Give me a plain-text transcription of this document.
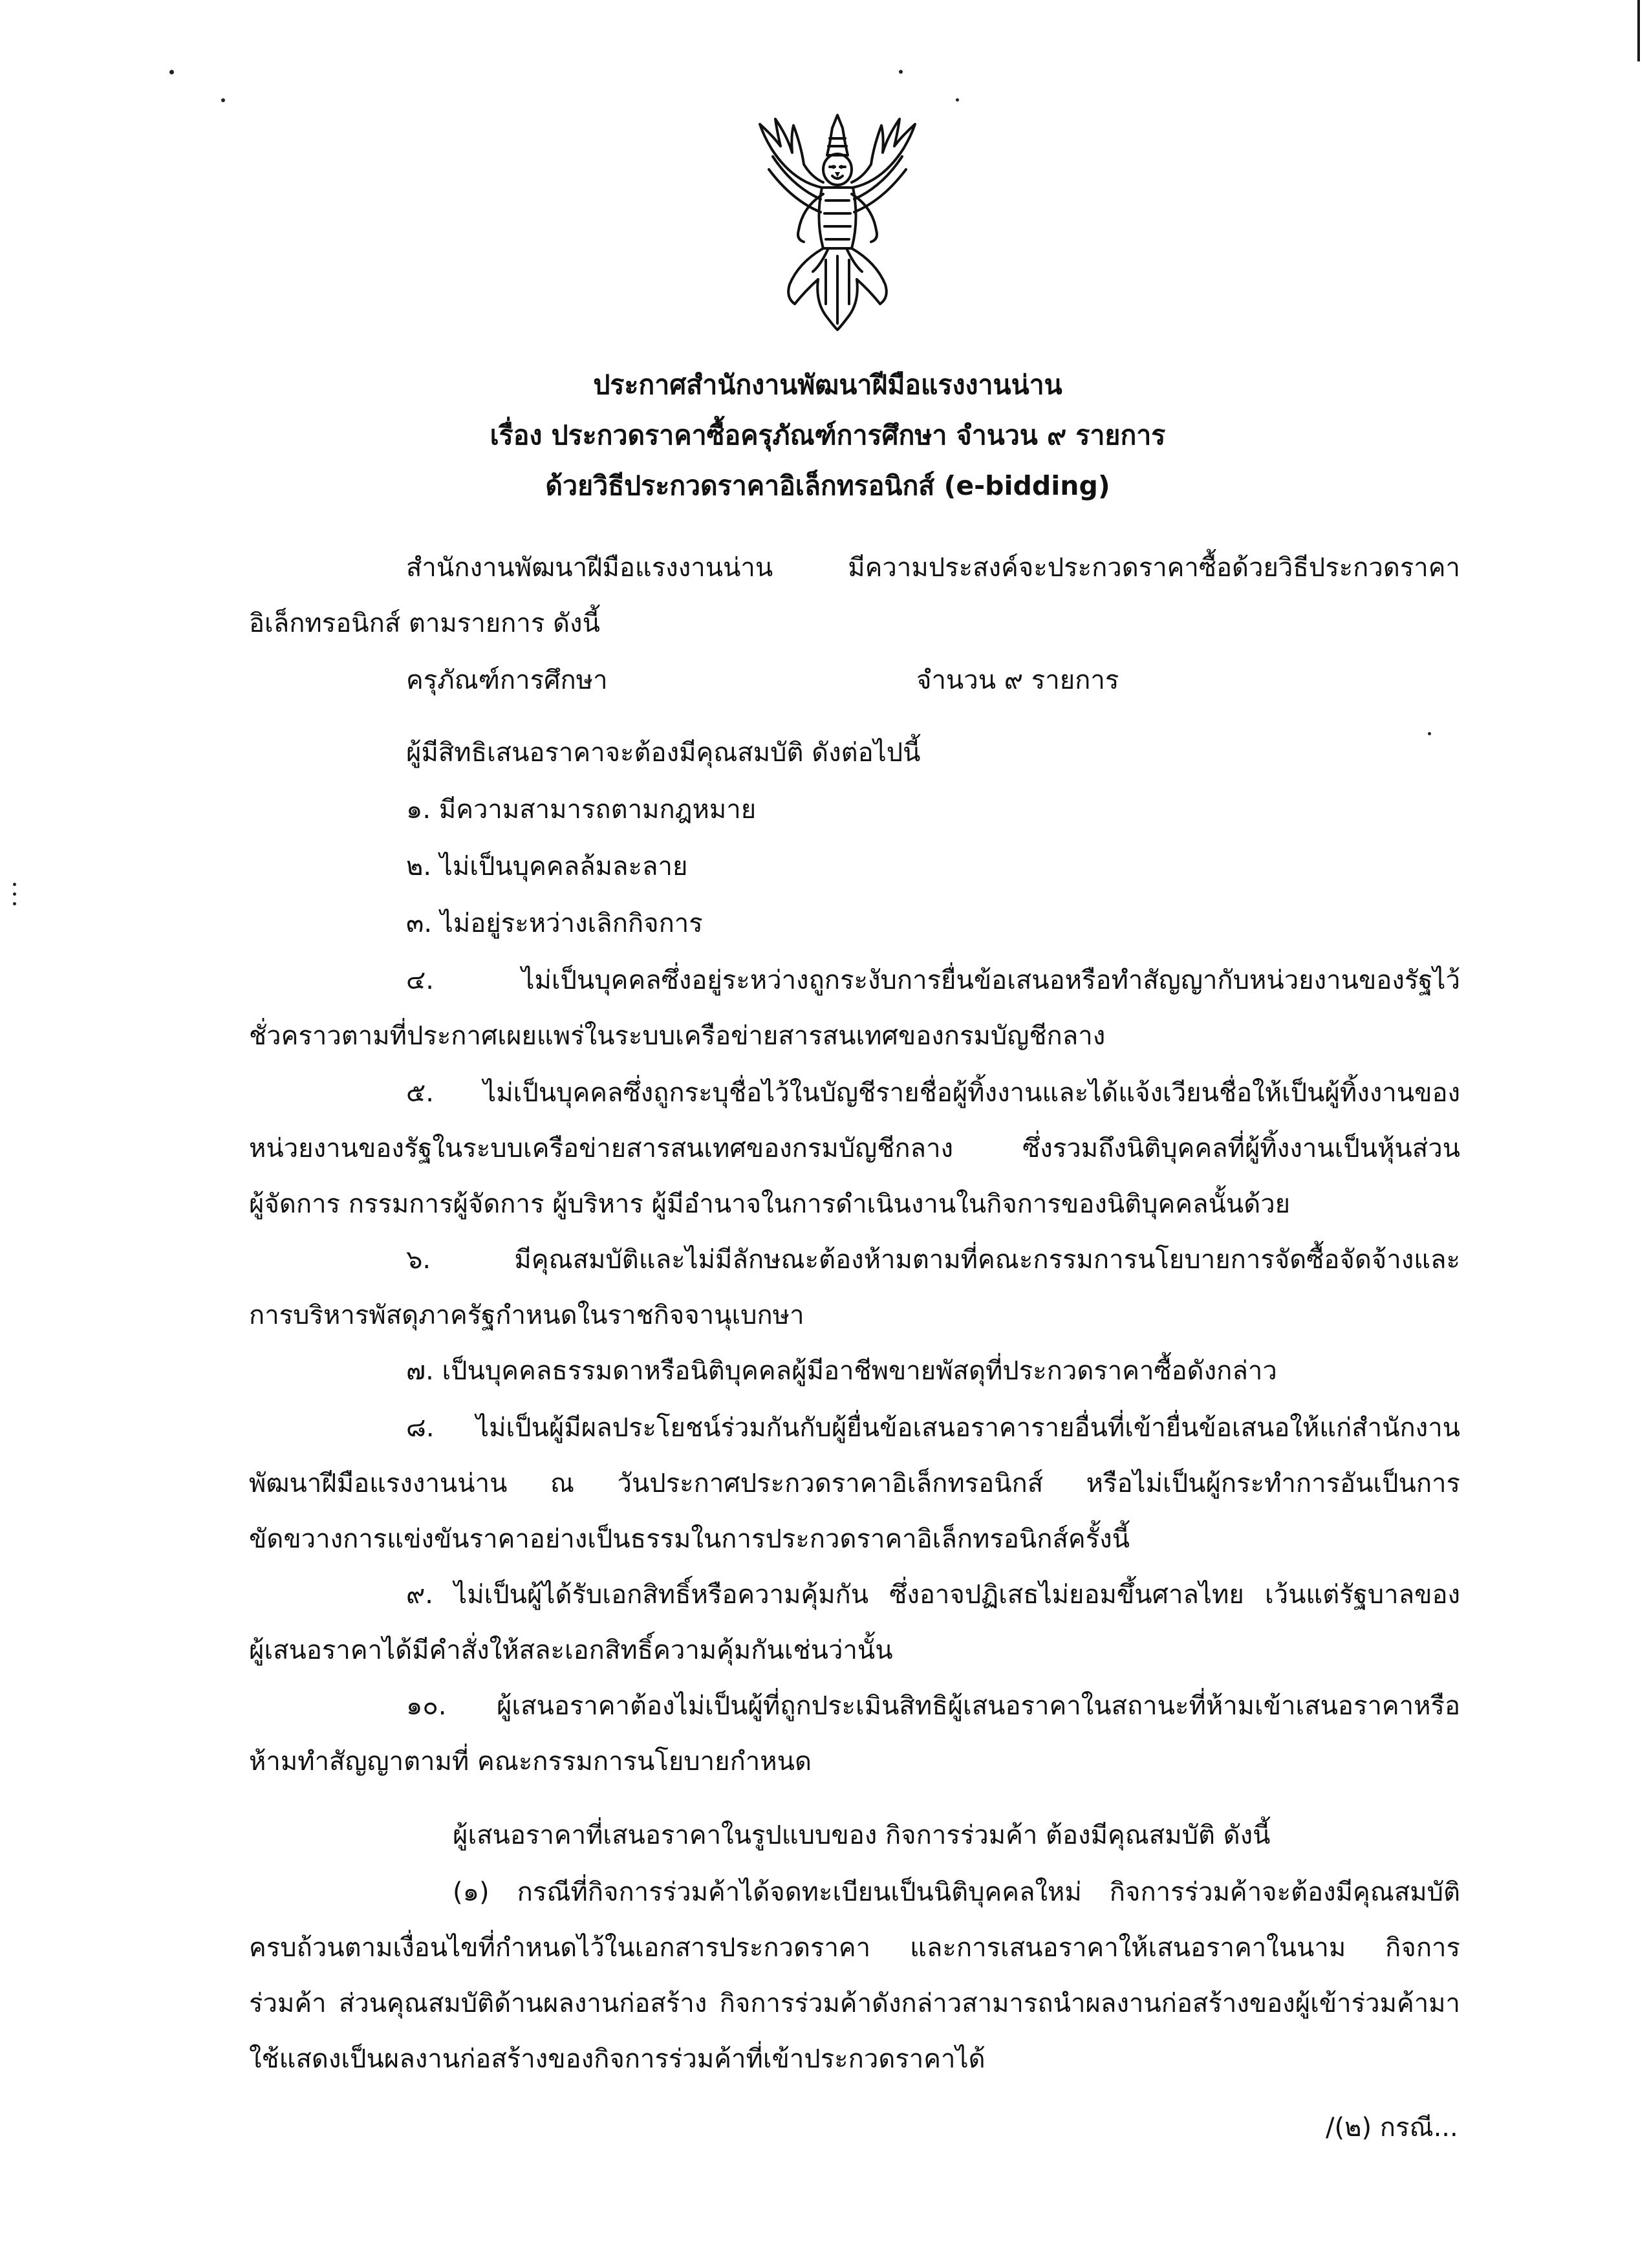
ประกาศสำนักงานพัฒนาฝีมือแรงงานน่าน
เรื่อง ประกวดราคาซื้อครุภัณฑ์การศึกษา จำนวน ๙ รายการ
ด้วยวิธีประกวดราคาอิเล็กทรอนิกส์ (e-bidding)
สำนักงานพัฒนาฝีมือแรงงานน่าน มีความประสงค์จะประกวดราคาซื้อด้วยวิธีประกวดราคา
อิเล็กทรอนิกส์ ตามรายการ ดังนี้
ครุภัณฑ์การศึกษา	จำนวน ๙ รายการ
ผู้มีสิทธิเสนอราคาจะต้องมีคุณสมบัติ ดังต่อไปนี้
๑. มีความสามารถตามกฎหมาย
๒. ไม่เป็นบุคคลล้มละลาย
๓. ไม่อยู่ระหว่างเลิกกิจการ
๔. ไม่เป็นบุคคลซึ่งอยู่ระหว่างถูกระงับการยื่นข้อเสนอหรือทำสัญญากับหน่วยงานของรัฐไว้
ชั่วคราวตามที่ประกาศเผยแพร่ในระบบเครือข่ายสารสนเทศของกรมบัญชีกลาง
๕. ไม่เป็นบุคคลซึ่งถูกระบุชื่อไว้ในบัญชีรายชื่อผู้ทิ้งงานและได้แจ้งเวียนชื่อให้เป็นผู้ทิ้งงานของ
หน่วยงานของรัฐในระบบเครือข่ายสารสนเทศของกรมบัญชีกลาง ซึ่งรวมถึงนิติบุคคลที่ผู้ทิ้งงานเป็นหุ้นส่วน
ผู้จัดการ กรรมการผู้จัดการ ผู้บริหาร ผู้มีอำนาจในการดำเนินงานในกิจการของนิติบุคคลนั้นด้วย
๖. มีคุณสมบัติและไม่มีลักษณะต้องห้ามตามที่คณะกรรมการนโยบายการจัดซื้อจัดจ้างและ
การบริหารพัสดุภาครัฐกำหนดในราชกิจจานุเบกษา
๗. เป็นบุคคลธรรมดาหรือนิติบุคคลผู้มีอาชีพขายพัสดุที่ประกวดราคาซื้อดังกล่าว
๘. ไม่เป็นผู้มีผลประโยชน์ร่วมกันกับผู้ยื่นข้อเสนอราคารายอื่นที่เข้ายื่นข้อเสนอให้แก่สำนักงาน
พัฒนาฝีมือแรงงานน่าน ณ วันประกาศประกวดราคาอิเล็กทรอนิกส์ หรือไม่เป็นผู้กระทำการอันเป็นการ
ขัดขวางการแข่งขันราคาอย่างเป็นธรรมในการประกวดราคาอิเล็กทรอนิกส์ครั้งนี้
๙. ไม่เป็นผู้ได้รับเอกสิทธิ์หรือความคุ้มกัน ซึ่งอาจปฏิเสธไม่ยอมขึ้นศาลไทย เว้นแต่รัฐบาลของ
ผู้เสนอราคาได้มีคำสั่งให้สละเอกสิทธิ์ความคุ้มกันเช่นว่านั้น
๑๐. ผู้เสนอราคาต้องไม่เป็นผู้ที่ถูกประเมินสิทธิผู้เสนอราคาในสถานะที่ห้ามเข้าเสนอราคาหรือ
ห้ามทำสัญญาตามที่ คณะกรรมการนโยบายกำหนด
ผู้เสนอราคาที่เสนอราคาในรูปแบบของ กิจการร่วมค้า ต้องมีคุณสมบัติ ดังนี้
(๑) กรณีที่กิจการร่วมค้าได้จดทะเบียนเป็นนิติบุคคลใหม่ กิจการร่วมค้าจะต้องมีคุณสมบัติ
ครบถ้วนตามเงื่อนไขที่กำหนดไว้ในเอกสารประกวดราคา และการเสนอราคาให้เสนอราคาในนาม กิจการ
ร่วมค้า ส่วนคุณสมบัติด้านผลงานก่อสร้าง กิจการร่วมค้าดังกล่าวสามารถนำผลงานก่อสร้างของผู้เข้าร่วมค้ามา
ใช้แสดงเป็นผลงานก่อสร้างของกิจการร่วมค้าที่เข้าประกวดราคาได้
/(๒) กรณี...
